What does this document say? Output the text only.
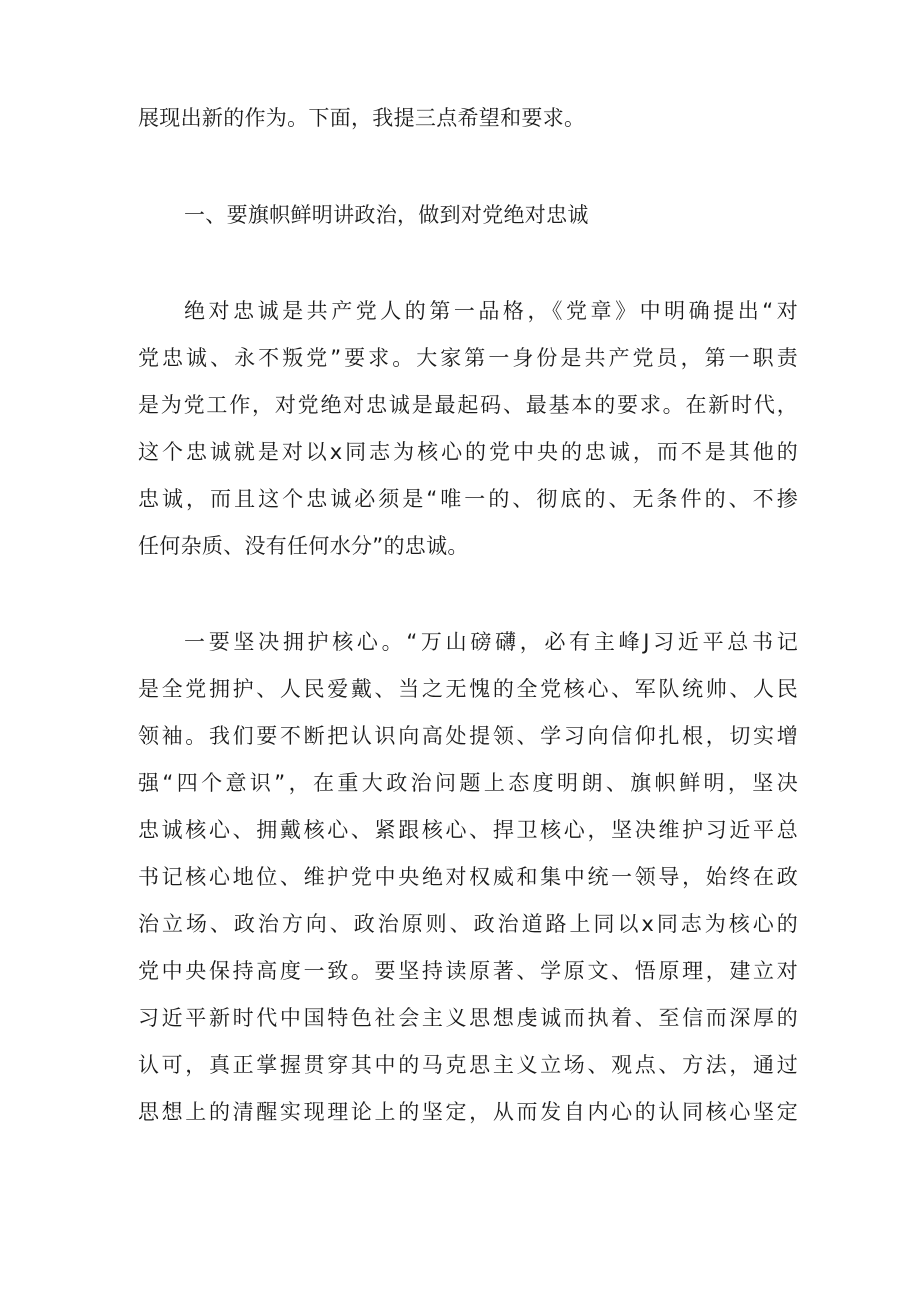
展现出新的作为。下面，我提三点希望和要求。
一、要旗帜鲜明讲政治，做到对党绝对忠诚
绝对忠诚是共产党人的第一品格，《党章》中明确提出“对
党忠诚、永不叛党”要求。大家第一身份是共产党员，第一职责
是为党工作，对党绝对忠诚是最起码、最基本的要求。在新时代，
这个忠诚就是对以x同志为核心的党中央的忠诚，而不是其他的
忠诚，而且这个忠诚必须是“唯一的、彻底的、无条件的、不掺
任何杂质、没有任何水分”的忠诚。
一要坚决拥护核心。“万山磅礴，必有主峰J习近平总书记
是全党拥护、人民爱戴、当之无愧的全党核心、军队统帅、人民
领袖。我们要不断把认识向高处提领、学习向信仰扎根，切实增
强“四个意识”，在重大政治问题上态度明朗、旗帜鲜明，坚决
忠诚核心、拥戴核心、紧跟核心、捍卫核心，坚决维护习近平总
书记核心地位、维护党中央绝对权威和集中统一领导，始终在政
治立场、政治方向、政治原则、政治道路上同以x同志为核心的
党中央保持高度一致。要坚持读原著、学原文、悟原理，建立对
习近平新时代中国特色社会主义思想虔诚而执着、至信而深厚的
认可，真正掌握贯穿其中的马克思主义立场、观点、方法，通过
思想上的清醒实现理论上的坚定，从而发自内心的认同核心坚定
